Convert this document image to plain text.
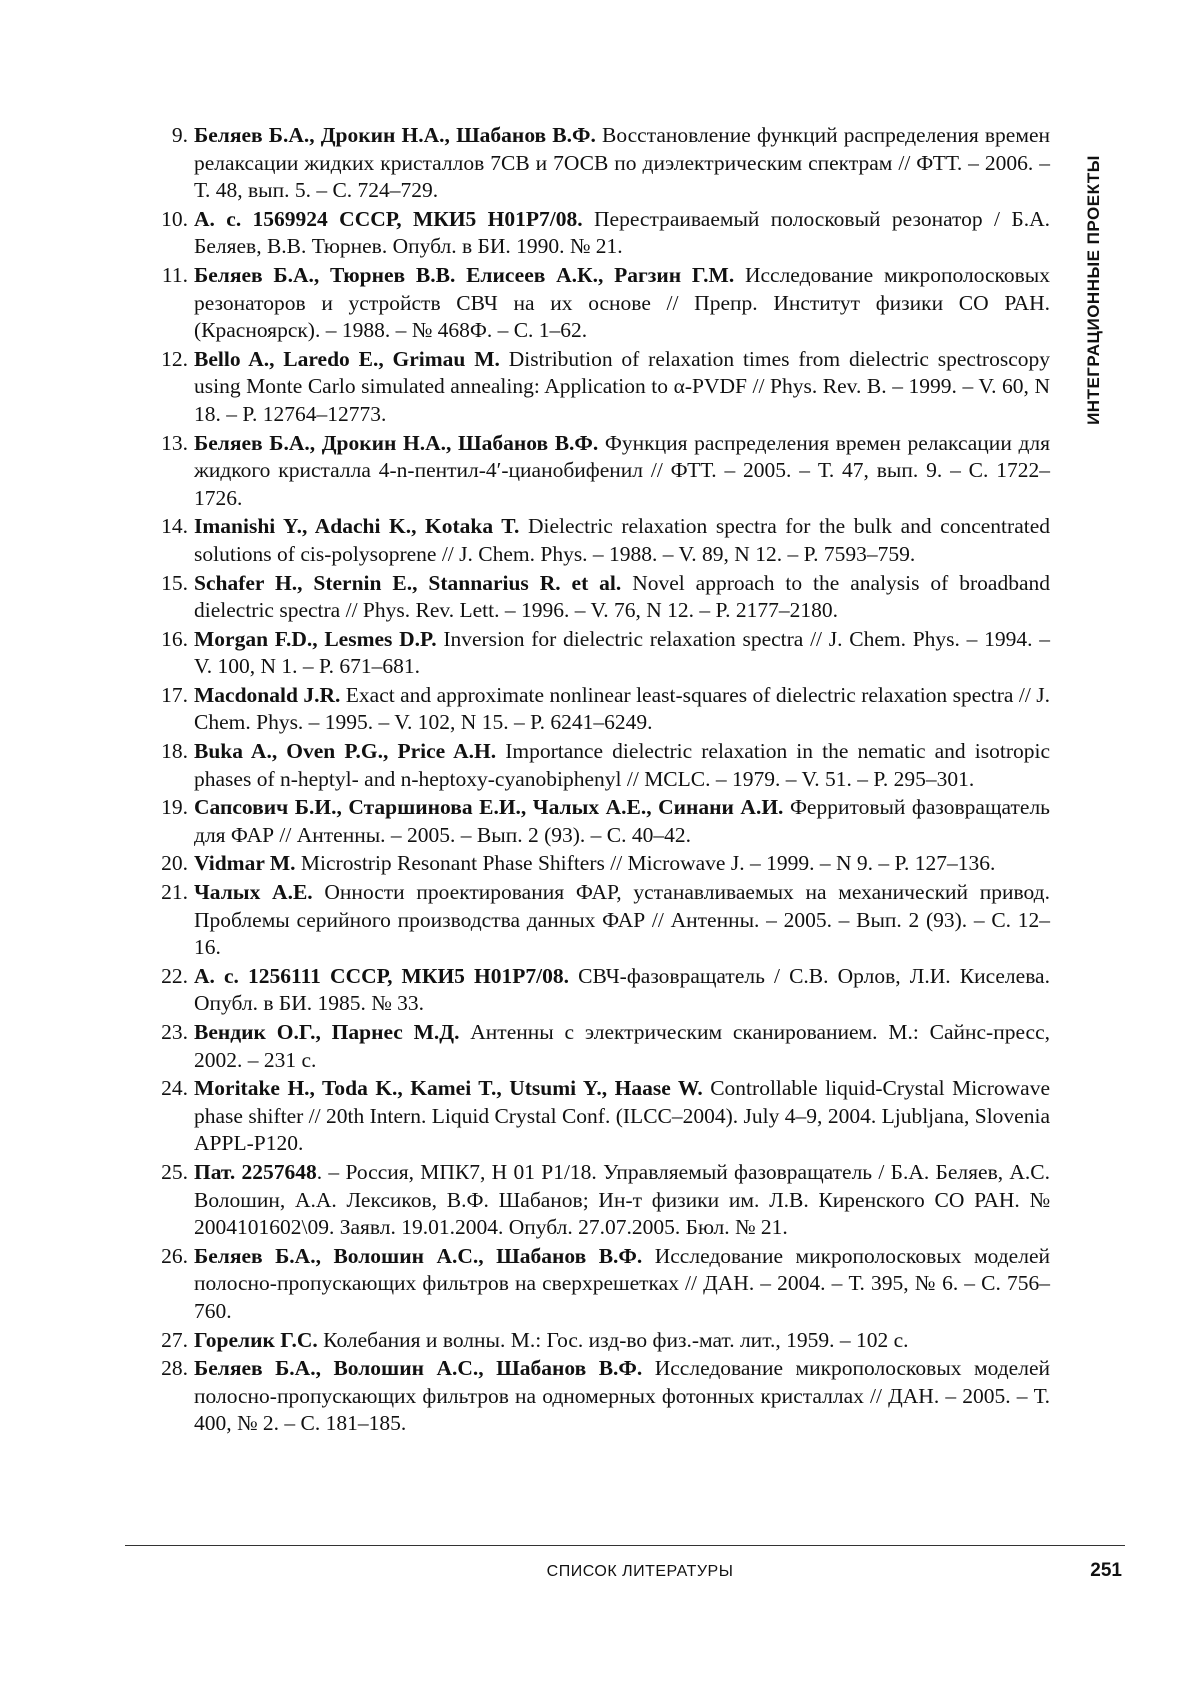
ИНТЕГРАЦИОННЫЕ ПРОЕКТЫ
9. Беляев Б.А., Дрокин Н.А., Шабанов В.Ф. Восстановление функций распределения времен релаксации жидких кристаллов 7СВ и 7ОСВ по диэлектрическим спектрам // ФТТ. – 2006. – Т. 48, вып. 5. – С. 724–729.
10. А. с. 1569924 СССР, МКИ5 H01P7/08. Перестраиваемый полосковый резонатор / Б.А. Беляев, В.В. Тюрнев. Опубл. в БИ. 1990. № 21.
11. Беляев Б.А., Тюрнев В.В. Елисеев А.К., Рагзин Г.М. Исследование микрополосковых резонаторов и устройств СВЧ на их основе // Препр. Институт физики СО РАН. (Красноярск). – 1988. – № 468Ф. – С. 1–62.
12. Bello A., Laredo E., Grimau M. Distribution of relaxation times from dielectric spectroscopy using Monte Carlo simulated annealing: Application to α-PVDF // Phys. Rev. B. – 1999. – V. 60, N 18. – P. 12764–12773.
13. Беляев Б.А., Дрокин Н.А., Шабанов В.Ф. Функция распределения времен релаксации для жидкого кристалла 4-n-пентил-4′-цианобифенил // ФТТ. – 2005. – Т. 47, вып. 9. – С. 1722–1726.
14. Imanishi Y., Adachi K., Kotaka T. Dielectric relaxation spectra for the bulk and concentrated solutions of cis-polysoprene // J. Chem. Phys. – 1988. – V. 89, N 12. – P. 7593–759.
15. Schafer H., Sternin E., Stannarius R. et al. Novel approach to the analysis of broadband dielectric spectra // Phys. Rev. Lett. – 1996. – V. 76, N 12. – P. 2177–2180.
16. Morgan F.D., Lesmes D.P. Inversion for dielectric relaxation spectra // J. Chem. Phys. – 1994. – V. 100, N 1. – P. 671–681.
17. Macdonald J.R. Exact and approximate nonlinear least-squares of dielectric relaxation spectra // J. Chem. Phys. – 1995. – V. 102, N 15. – P. 6241–6249.
18. Buka A., Oven P.G., Price A.H. Importance dielectric relaxation in the nematic and isotropic phases of n-heptyl- and n-heptoxy-cyanobiphenyl // MCLC. – 1979. – V. 51. – P. 295–301.
19. Сапсович Б.И., Старшинова Е.И., Чалых А.Е., Синани А.И. Ферритовый фазовращатель для ФАР // Антенны. – 2005. – Вып. 2 (93). – С. 40–42.
20. Vidmar M. Microstrip Resonant Phase Shifters // Microwave J. – 1999. – N 9. – P. 127–136.
21. Чалых А.Е. Онности проектирования ФАР, устанавливаемых на механический привод. Проблемы серийного производства данных ФАР // Антенны. – 2005. – Вып. 2 (93). – С. 12–16.
22. А. с. 1256111 СССР, МКИ5 H01P7/08. СВЧ-фазовращатель / С.В. Орлов, Л.И. Киселева. Опубл. в БИ. 1985. № 33.
23. Вендик О.Г., Парнес М.Д. Антенны с электрическим сканированием. М.: Сайнс-пресс, 2002. – 231 с.
24. Moritake H., Toda K., Kamei T., Utsumi Y., Haase W. Controllable liquid-Crystal Microwave phase shifter // 20th Intern. Liquid Crystal Conf. (ILCC–2004). July 4–9, 2004. Ljubljana, Slovenia APPL-P120.
25. Пат. 2257648. – Россия, МПК7, H 01 P1/18. Управляемый фазовращатель / Б.А. Беляев, А.С. Волошин, А.А. Лексиков, В.Ф. Шабанов; Ин-т физики им. Л.В. Киренского СО РАН. № 2004101602\09. Заявл. 19.01.2004. Опубл. 27.07.2005. Бюл. № 21.
26. Беляев Б.А., Волошин А.С., Шабанов В.Ф. Исследование микрополосковых моделей полосно-пропускающих фильтров на сверхрешетках // ДАН. – 2004. – Т. 395, № 6. – С. 756–760.
27. Горелик Г.С. Колебания и волны. М.: Гос. изд-во физ.-мат. лит., 1959. – 102 с.
28. Беляев Б.А., Волошин А.С., Шабанов В.Ф. Исследование микрополосковых моделей полосно-пропускающих фильтров на одномерных фотонных кристаллах // ДАН. – 2005. – Т. 400, № 2. – С. 181–185.
СПИСОК ЛИТЕРАТУРЫ	251
